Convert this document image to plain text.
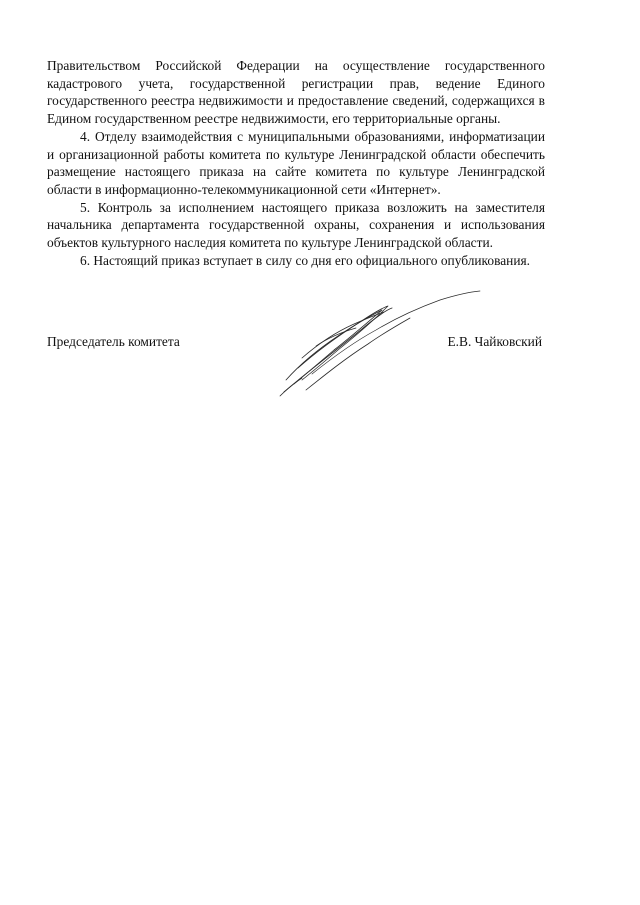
Правительством Российской Федерации на осуществление государственного кадастрового учета, государственной регистрации прав, ведение Единого государственного реестра недвижимости и предоставление сведений, содержащихся в Едином государственном реестре недвижимости, его территориальные органы.

4. Отделу взаимодействия с муниципальными образованиями, информатизации и организационной работы комитета по культуре Ленинградской области обеспечить размещение настоящего приказа на сайте комитета по культуре Ленинградской области в информационно-телекоммуникационной сети «Интернет».

5. Контроль за исполнением настоящего приказа возложить на заместителя начальника департамента государственной охраны, сохранения и использования объектов культурного наследия комитета по культуре Ленинградской области.

6. Настоящий приказ вступает в силу со дня его официального опубликования.

Председатель комитета	Е.В. Чайковский
